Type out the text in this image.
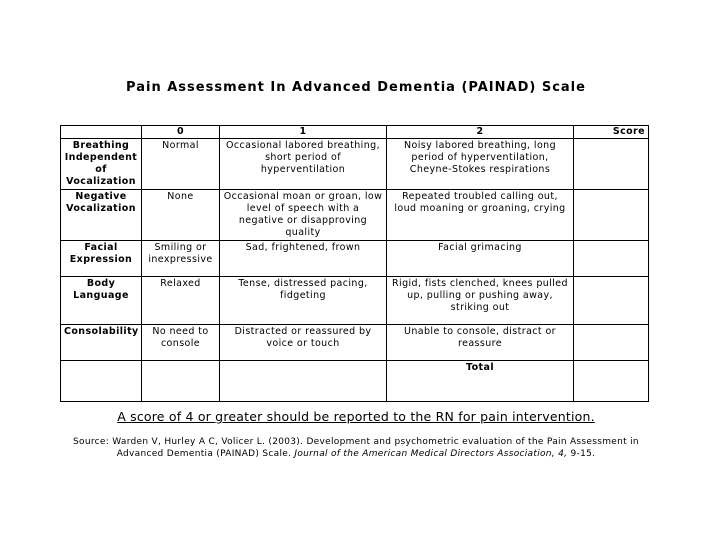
Pain Assessment In Advanced Dementia (PAINAD) Scale
	0	1	2	Score
Breathing Independent of Vocalization	Normal	Occasional labored breathing, short period of hyperventilation	Noisy labored breathing, long period of hyperventilation, Cheyne-Stokes respirations	
Negative Vocalization	None	Occasional moan or groan, low level of speech with a negative or disapproving quality	Repeated troubled calling out, loud moaning or groaning, crying	
Facial Expression	Smiling or inexpressive	Sad, frightened, frown	Facial grimacing	
Body Language	Relaxed	Tense, distressed pacing, fidgeting	Rigid, fists clenched, knees pulled up, pulling or pushing away, striking out	
Consolability	No need to console	Distracted or reassured by voice or touch	Unable to console, distract or reassure	
			Total	
A score of 4 or greater should be reported to the RN for pain intervention.
Source: Warden V, Hurley A C, Volicer L. (2003). Development and psychometric evaluation of the Pain Assessment in Advanced Dementia (PAINAD) Scale. Journal of the American Medical Directors Association, 4, 9-15.
